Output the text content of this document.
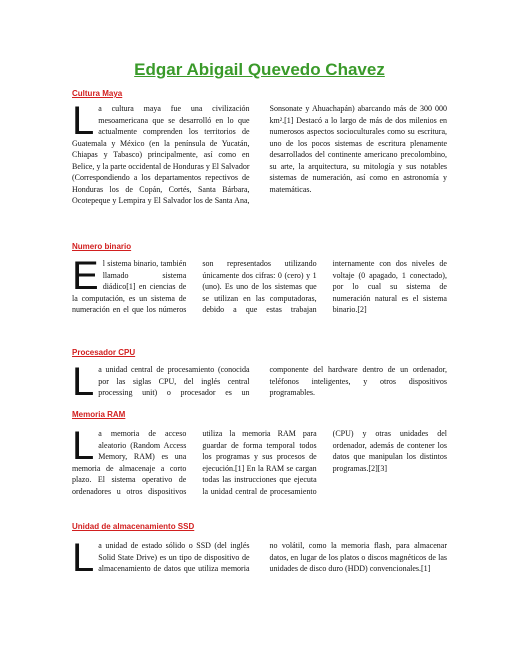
Edgar Abigail Quevedo Chavez
Cultura Maya
L a cultura maya fue una civilización mesoamericana que se desarrolló en lo que actualmente comprenden los territorios de Guatemala y México (en la península de Yucatán, Chiapas y Tabasco) principalmente, así como en Belice, y la parte occidental de Honduras y El Salvador (Correspondiendo a los departamentos repectivos de Honduras los de Copán, Cortés, Santa Bárbara, Ocotepeque y Lempira y El Salvador los de Santa Ana, Sonsonate y Ahuachapán) abarcando más de 300 000 km².[1] Destacó a lo largo de más de dos milenios en numerosos aspectos socioculturales como su escritura, uno de los pocos sistemas de escritura plenamente desarrollados del continente americano precolombino, su arte, la arquitectura, su mitología y sus notables sistemas de numeración, así como en astronomía y matemáticas.

Numero binario
E l sistema binario, también llamado sistema diádico[1] en ciencias de la computación, es un sistema de numeración en el que los números son representados utilizando únicamente dos cifras: 0 (cero) y 1 (uno). Es uno de los sistemas que se utilizan en las computadoras, debido a que estas trabajan internamente con dos niveles de voltaje (0 apagado, 1 conectado), por lo cual su sistema de numeración natural es el sistema binario.[2]

Procesador CPU
L a unidad central de procesamiento (conocida por las siglas CPU, del inglés central processing unit) o procesador es un componente del hardware dentro de un ordenador, teléfonos inteligentes, y otros dispositivos programables.

Memoria RAM
L a memoria de acceso aleatorio (Random Access Memory, RAM) es una memoria de almacenaje a corto plazo. El sistema operativo de ordenadores u otros dispositivos utiliza la memoria RAM para guardar de forma temporal todos los programas y sus procesos de ejecución.[1] En la RAM se cargan todas las instrucciones que ejecuta la unidad central de procesamiento (CPU) y otras unidades del ordenador, además de contener los datos que manipulan los distintos programas.[2][3]

Unidad de almacenamiento SSD
L a unidad de estado sólido o SSD (del inglés Solid State Drive) es un tipo de dispositivo de almacenamiento de datos que utiliza memoria no volátil, como la memoria flash, para almacenar datos, en lugar de los platos o discos magnéticos de las unidades de disco duro (HDD) convencionales.[1]
